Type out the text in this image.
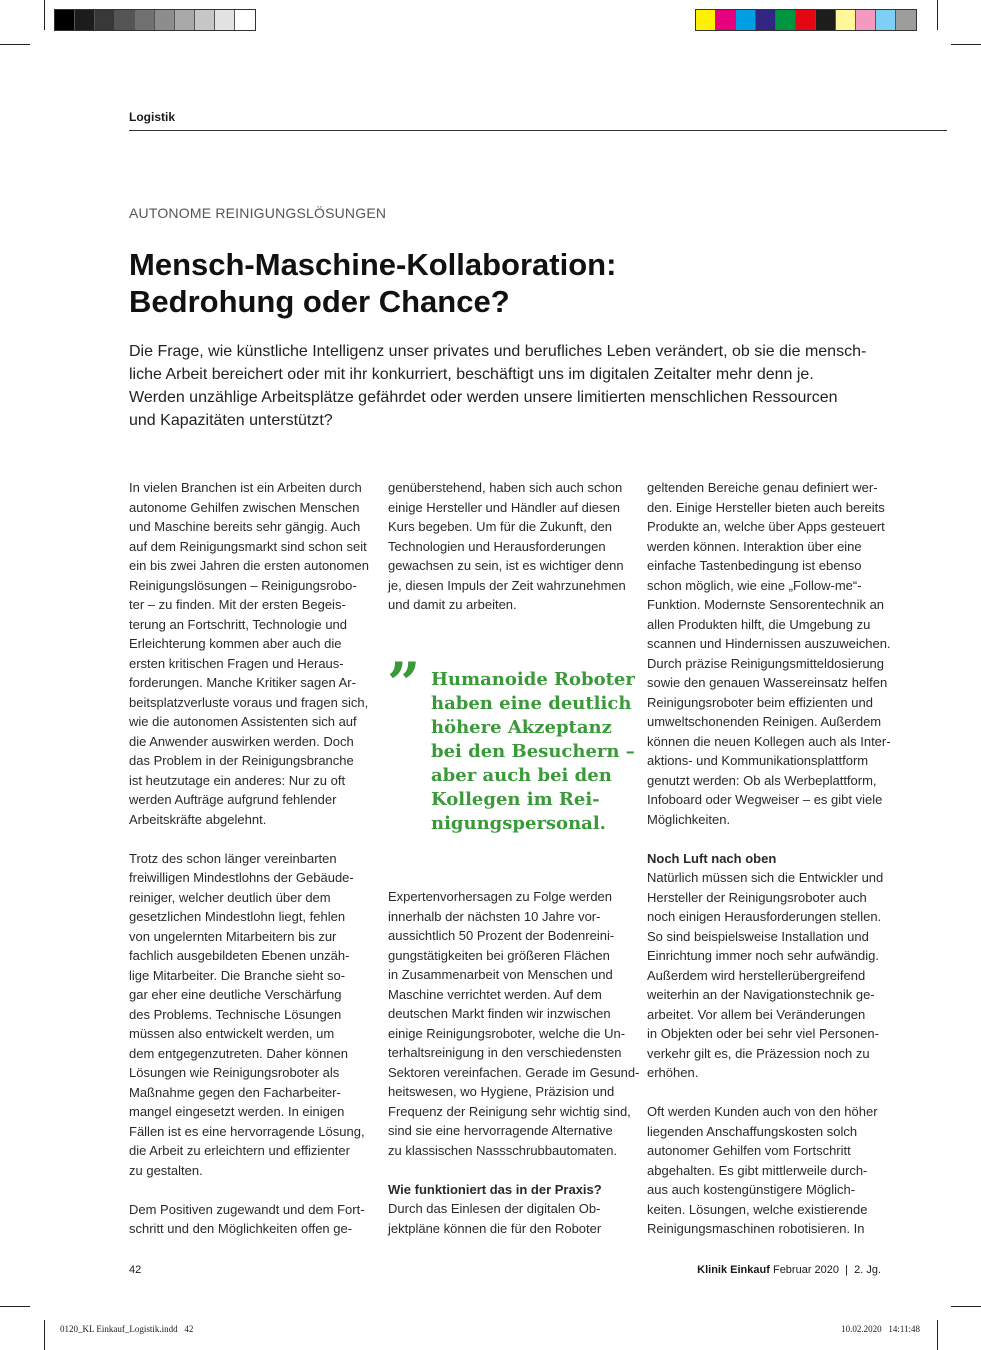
Logistik
AUTONOME REINIGUNGSLÖSUNGEN
Mensch-Maschine-Kollaboration:
Bedrohung oder Chance?
Die Frage, wie künstliche Intelligenz unser privates und berufliches Leben verändert, ob sie die mensch-
liche Arbeit bereichert oder mit ihr konkurriert, beschäftigt uns im digitalen Zeitalter mehr denn je.
Werden unzählige Arbeitsplätze gefährdet oder werden unsere limitierten menschlichen Ressourcen
und Kapazitäten unterstützt?
In vielen Branchen ist ein Arbeiten durch
autonome Gehilfen zwischen Menschen
und Maschine bereits sehr gängig. Auch
auf dem Reinigungsmarkt sind schon seit
ein bis zwei Jahren die ersten autonomen
Reinigungslösungen – Reinigungsrobo-
ter – zu finden. Mit der ersten Begeis-
terung an Fortschritt, Technologie und
Erleichterung kommen aber auch die
ersten kritischen Fragen und Heraus-
forderungen. Manche Kritiker sagen Ar-
beitsplatzverluste voraus und fragen sich,
wie die autonomen Assistenten sich auf
die Anwender auswirken werden. Doch
das Problem in der Reinigungsbranche
ist heutzutage ein anderes: Nur zu oft
werden Aufträge aufgrund fehlender
Arbeitskräfte abgelehnt.
Trotz des schon länger vereinbarten
freiwilligen Mindestlohns der Gebäude-
reiniger, welcher deutlich über dem
gesetzlichen Mindestlohn liegt, fehlen
von ungelernten Mitarbeitern bis zur
fachlich ausgebildeten Ebenen unzäh-
lige Mitarbeiter. Die Branche sieht so-
gar eher eine deutliche Verschärfung
des Problems. Technische Lösungen
müssen also entwickelt werden, um
dem entgegenzutreten. Daher können
Lösungen wie Reinigungsroboter als
Maßnahme gegen den Facharbeiter-
mangel eingesetzt werden. In einigen
Fällen ist es eine hervorragende Lösung,
die Arbeit zu erleichtern und effizienter
zu gestalten.
Dem Positiven zugewandt und dem Fort-
schritt und den Möglichkeiten offen ge-
genüberstehend, haben sich auch schon
einige Hersteller und Händler auf diesen
Kurs begeben. Um für die Zukunft, den
Technologien und Herausforderungen
gewachsen zu sein, ist es wichtiger denn
je, diesen Impuls der Zeit wahrzunehmen
und damit zu arbeiten.
” Humanoide Roboter
haben eine deutlich
höhere Akzeptanz
bei den Besuchern –
aber auch bei den
Kollegen im Rei-
nigungspersonal.
Expertenvorhersagen zu Folge werden
innerhalb der nächsten 10 Jahre vor-
aussichtlich 50 Prozent der Bodenreini-
gungstätigkeiten bei größeren Flächen
in Zusammenarbeit von Menschen und
Maschine verrichtet werden. Auf dem
deutschen Markt finden wir inzwischen
einige Reinigungsroboter, welche die Un-
terhaltsreinigung in den verschiedensten
Sektoren vereinfachen. Gerade im Gesund-
heitswesen, wo Hygiene, Präzision und
Frequenz der Reinigung sehr wichtig sind,
sind sie eine hervorragende Alternative
zu klassischen Nassschrubbautomaten.
Wie funktioniert das in der Praxis?
Durch das Einlesen der digitalen Ob-
jektpläne können die für den Roboter
geltenden Bereiche genau definiert wer-
den. Einige Hersteller bieten auch bereits
Produkte an, welche über Apps gesteuert
werden können. Interaktion über eine
einfache Tastenbedingung ist ebenso
schon möglich, wie eine „Follow-me“-
Funktion. Modernste Sensorentechnik an
allen Produkten hilft, die Umgebung zu
scannen und Hindernissen auszuweichen.
Durch präzise Reinigungsmitteldosierung
sowie den genauen Wassereinsatz helfen
Reinigungsroboter beim effizienten und
umweltschonenden Reinigen. Außerdem
können die neuen Kollegen auch als Inter-
aktions- und Kommunikationsplattform
genutzt werden: Ob als Werbeplattform,
Infoboard oder Wegweiser – es gibt viele
Möglichkeiten.
Noch Luft nach oben
Natürlich müssen sich die Entwickler und
Hersteller der Reinigungsroboter auch
noch einigen Herausforderungen stellen.
So sind beispielsweise Installation und
Einrichtung immer noch sehr aufwändig.
Außerdem wird herstellerübergreifend
weiterhin an der Navigationstechnik ge-
arbeitet. Vor allem bei Veränderungen
in Objekten oder bei sehr viel Personen-
verkehr gilt es, die Präzession noch zu
erhöhen.
Oft werden Kunden auch von den höher
liegenden Anschaffungskosten solch
autonomer Gehilfen vom Fortschritt
abgehalten. Es gibt mittlerweile durch-
aus auch kostengünstigere Möglich-
keiten. Lösungen, welche existierende
Reinigungsmaschinen robotisieren. In
42	Klinik Einkauf Februar 2020  |  2. Jg.
0120_KL Einkauf_Logistik.indd   42	10.02.2020   14:11:48
